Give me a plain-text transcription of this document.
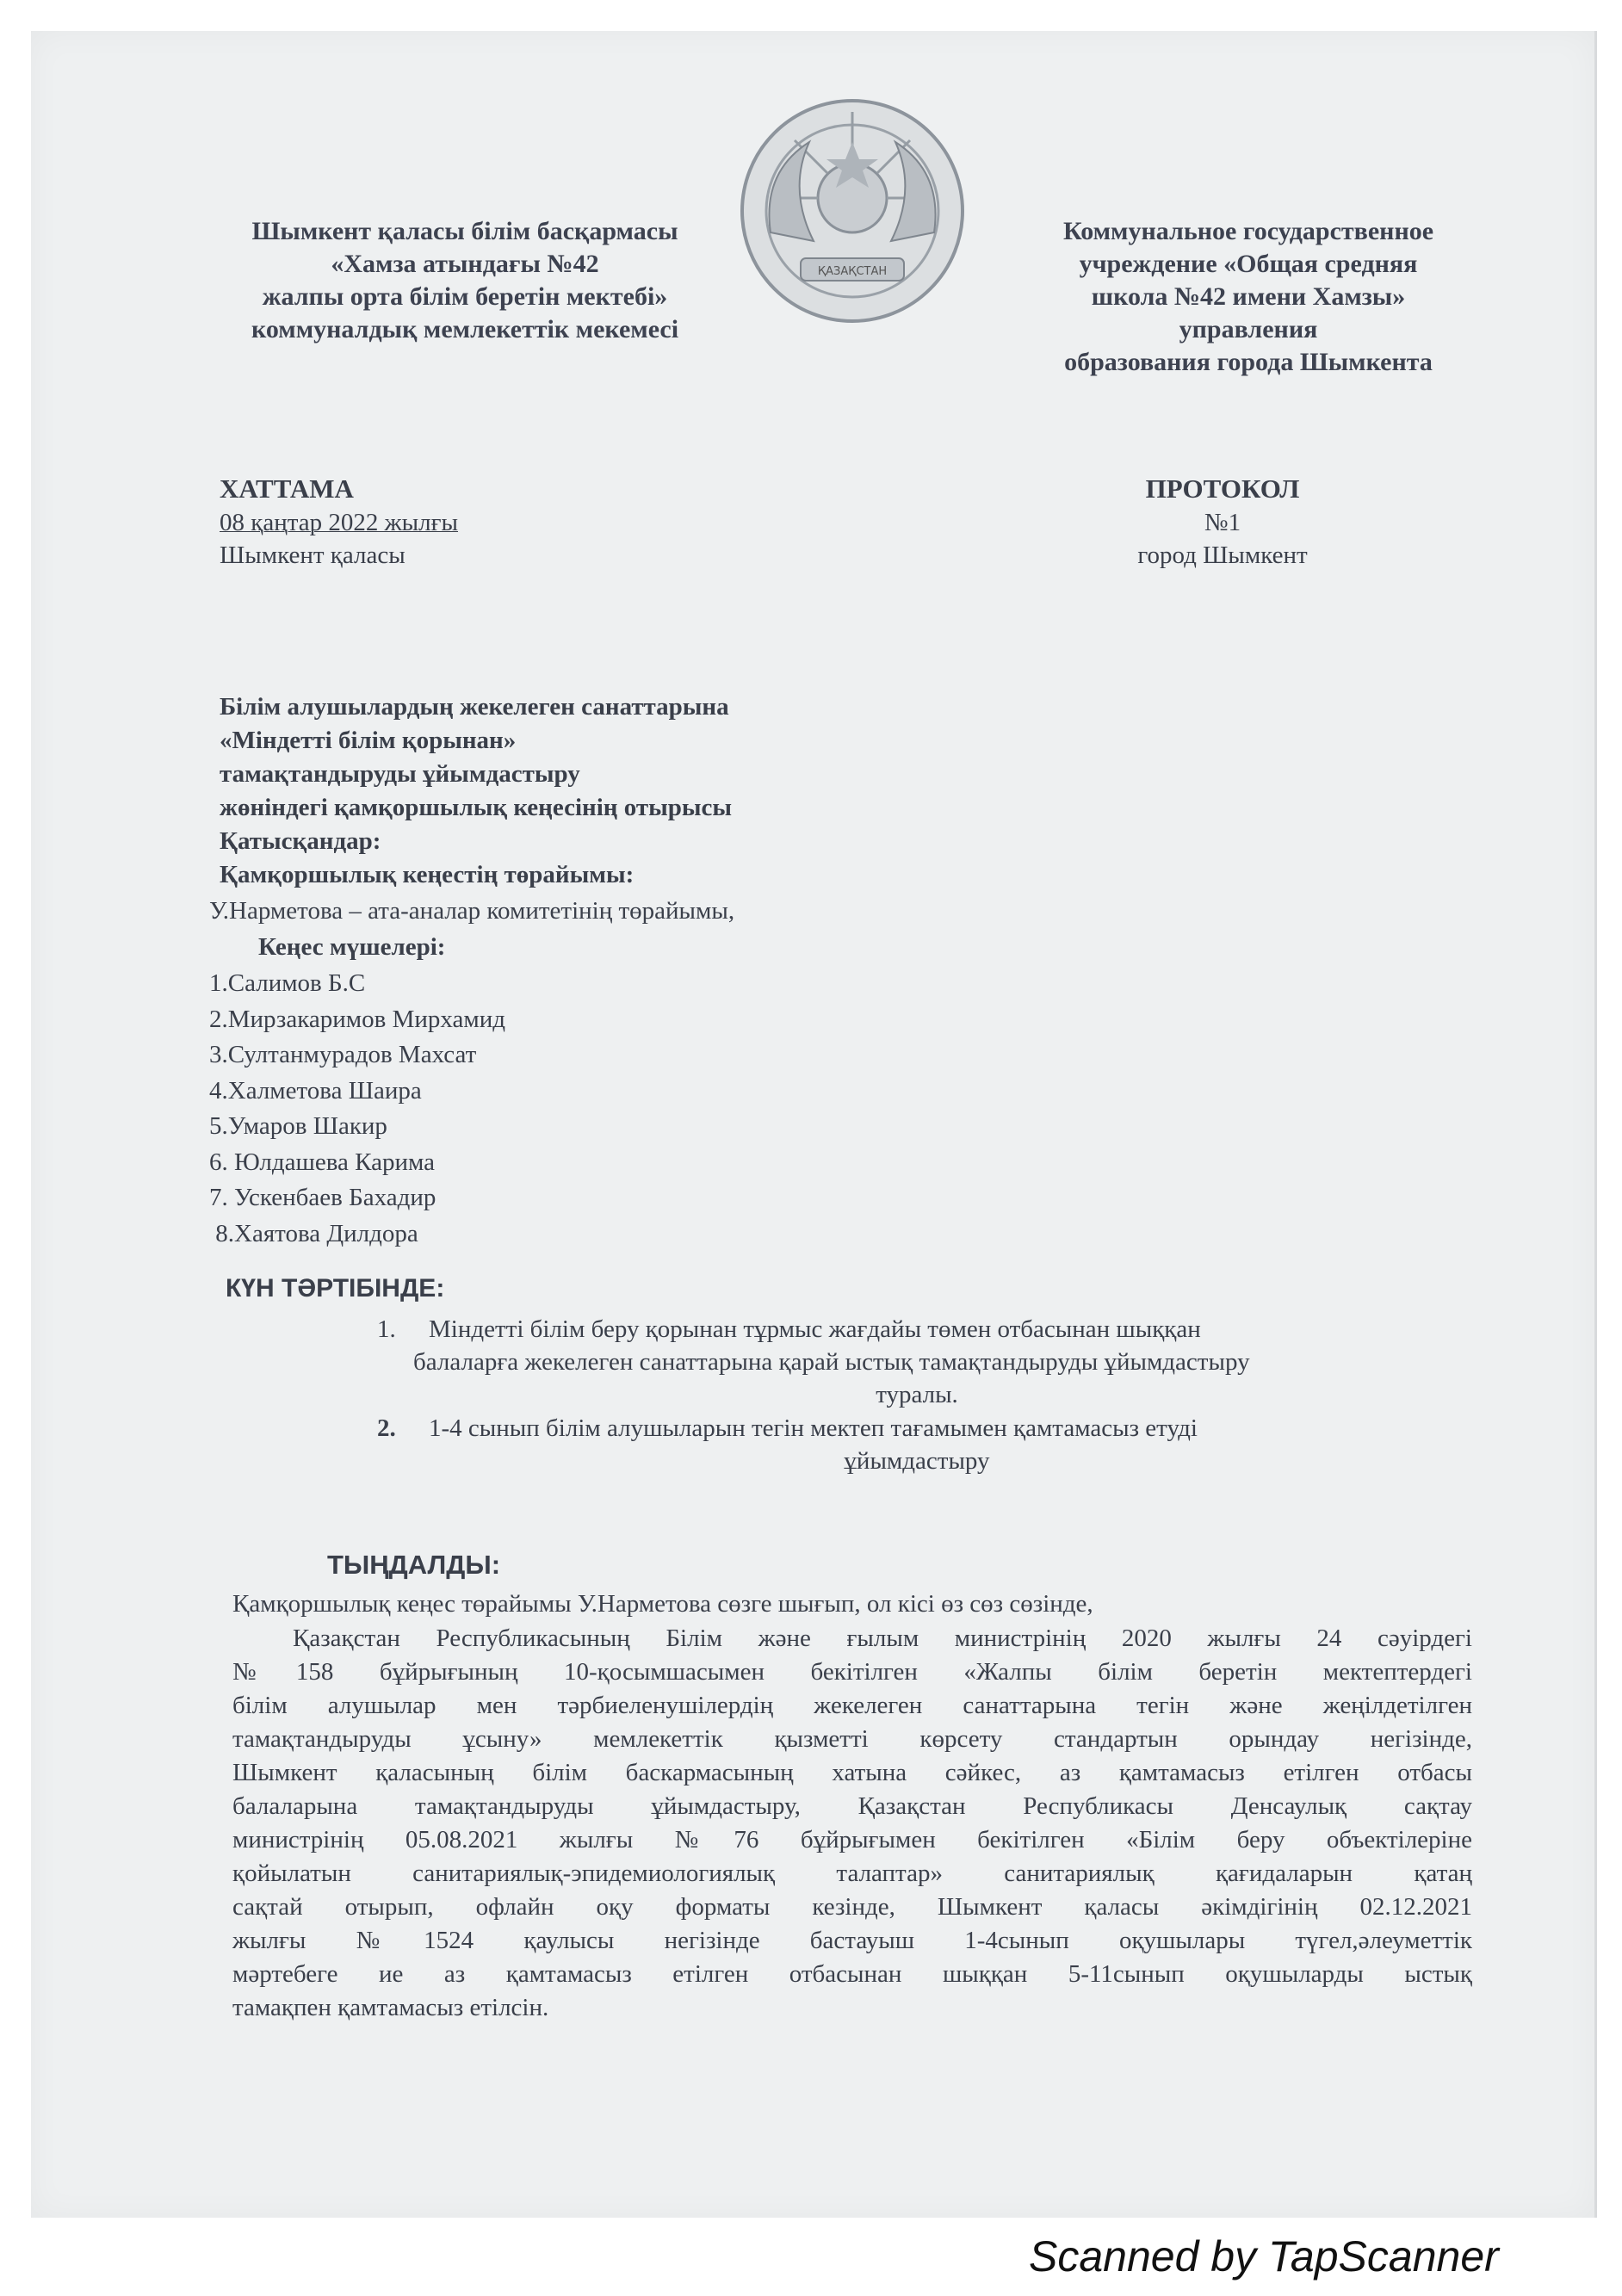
Шымкент қаласы білім басқармасы
«Хамза атындағы №42
жалпы орта білім беретін мектебі»
коммуналдық мемлекеттік мекемесі
ҚАЗАҚСТАН
Коммунальное государственное
учреждение «Общая средняя
школа №42 имени Хамзы»
управления
образования города Шымкента
ХАТТАМА
08 қаңтар 2022 жылғы
Шымкент қаласы
ПРОТОКОЛ
№1
город Шымкент
Білім алушылардың жекелеген санаттарына
«Міндетті білім қорынан»
тамақтандыруды ұйымдастыру
жөніндегі қамқоршылық кеңесінің отырысы
Қатысқандар:
Қамқоршылық кеңестің төрайымы:
У.Нарметова – ата-аналар комитетінің төрайымы,
Кеңес мүшелері:
1.Салимов Б.С
2.Мирзакаримов Мирхамид
3.Султанмурадов Махсат
4.Халметова Шаира
5.Умаров Шакир
6. Юлдашева Карима
7. Ускенбаев Бахадир
8.Хаятова Дилдора
КҮН ТӘРТІБІНДЕ:
1. Міндетті білім беру қорынан тұрмыс жағдайы төмен отбасынан шыққан
балаларға жекелеген санаттарына қарай ыстық тамақтандыруды ұйымдастыру
туралы.
2. 1-4 сынып білім алушыларын тегін мектеп тағамымен қамтамасыз етуді
ұйымдастыру
ТЫҢДАЛДЫ:
Қамқоршылық кеңес төрайымы У.Нарметова сөзге шығып, ол кісі өз сөз сөзінде,
Қазақстан Республикасының Білім және ғылым министрінің 2020 жылғы 24 сәуірдегі
№158 бұйрығының 10-қосымшасымен бекітілген «Жалпы білім беретін мектептердегі
білім алушылар мен тәрбиеленушілердің жекелеген санаттарына тегін және жеңілдетілген
тамақтандыруды ұсыну» мемлекеттік қызметті көрсету стандартын орындау негізінде,
Шымкент қаласының білім баскармасының хатына сәйкес, аз қамтамасыз етілген отбасы
балаларына тамақтандыруды ұйымдастыру, Қазақстан Республикасы Денсаулық сақтау
министрінің 05.08.2021 жылғы №76 бұйрығымен бекітілген «Білім беру объектілеріне
қойылатын санитариялық-эпидемиологиялық талаптар» санитариялық қағидаларын қатаң
сақтай отырып, офлайн оқу форматы кезінде, Шымкент қаласы әкімдігінің 02.12.2021
жылғы №1524 қаулысы негізінде бастауыш 1-4сынып оқушылары түгел,әлеуметтік
мәртебеге ие аз қамтамасыз етілген отбасынан шыққан 5-11сынып оқушыларды ыстық
тамақпен қамтамасыз етілсін.
Scanned by TapScanner
